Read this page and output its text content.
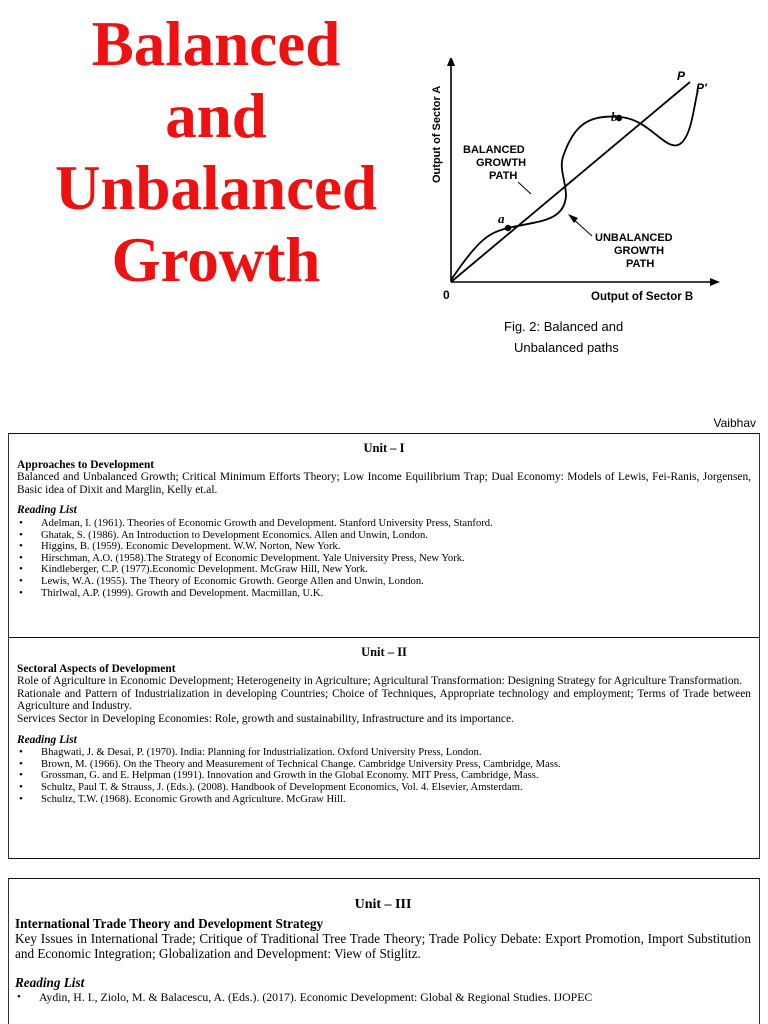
Balanced
and
Unbalanced
Growth
Output of Sector A
Output of Sector B
0
a
b
P
P'
BALANCED
GROWTH
PATH
UNBALANCED
GROWTH
PATH
Fig. 2: Balanced and
Unbalanced paths
Vaibhav
Unit – I
Approaches to Development
Balanced and Unbalanced Growth; Critical Minimum Efforts Theory; Low Income Equilibrium Trap; Dual Economy: Models of Lewis, Fei-Ranis, Jorgensen, Basic idea of Dixit and Marglin, Kelly et.al.
Reading List
• Adelman, I. (1961). Theories of Economic Growth and Development. Stanford University Press, Stanford.
• Ghatak, S. (1986). An Introduction to Development Economics. Allen and Unwin, London.
• Higgins, B. (1959). Economic Development. W.W. Norton, New York.
• Hirschman, A.O. (1958).The Strategy of Economic Development. Yale University Press, New York.
• Kindleberger, C.P. (1977).Economic Development. McGraw Hill, New York.
• Lewis, W.A. (1955). The Theory of Economic Growth. George Allen and Unwin, London.
• Thirlwal, A.P. (1999). Growth and Development. Macmillan, U.K.
Unit – II
Sectoral Aspects of Development
Role of Agriculture in Economic Development; Heterogeneity in Agriculture; Agricultural Transformation: Designing Strategy for Agriculture Transformation.
Rationale and Pattern of Industrialization in developing Countries; Choice of Techniques, Appropriate technology and employment; Terms of Trade between Agriculture and Industry.
Services Sector in Developing Economies: Role, growth and sustainability, Infrastructure and its importance.
Reading List
• Bhagwati, J. & Desai, P. (1970). India: Planning for Industrialization. Oxford University Press, London.
• Brown, M. (1966). On the Theory and Measurement of Technical Change. Cambridge University Press, Cambridge, Mass.
• Grossman, G. and E. Helpman (1991). Innovation and Growth in the Global Economy. MIT Press, Cambridge, Mass.
• Schultz, Paul T. & Strauss, J. (Eds.). (2008). Handbook of Development Economics, Vol. 4. Elsevier, Amsterdam.
• Schultz, T.W. (1968). Economic Growth and Agriculture. McGraw Hill.
Unit – III
International Trade Theory and Development Strategy
Key Issues in International Trade; Critique of Traditional Tree Trade Theory; Trade Policy Debate: Export Promotion, Import Substitution and Economic Integration; Globalization and Development: View of Stiglitz.
Reading List
• Aydin, H. I., Ziolo, M. & Balacescu, A. (Eds.). (2017). Economic Development: Global & Regional Studies. IJOPEC
